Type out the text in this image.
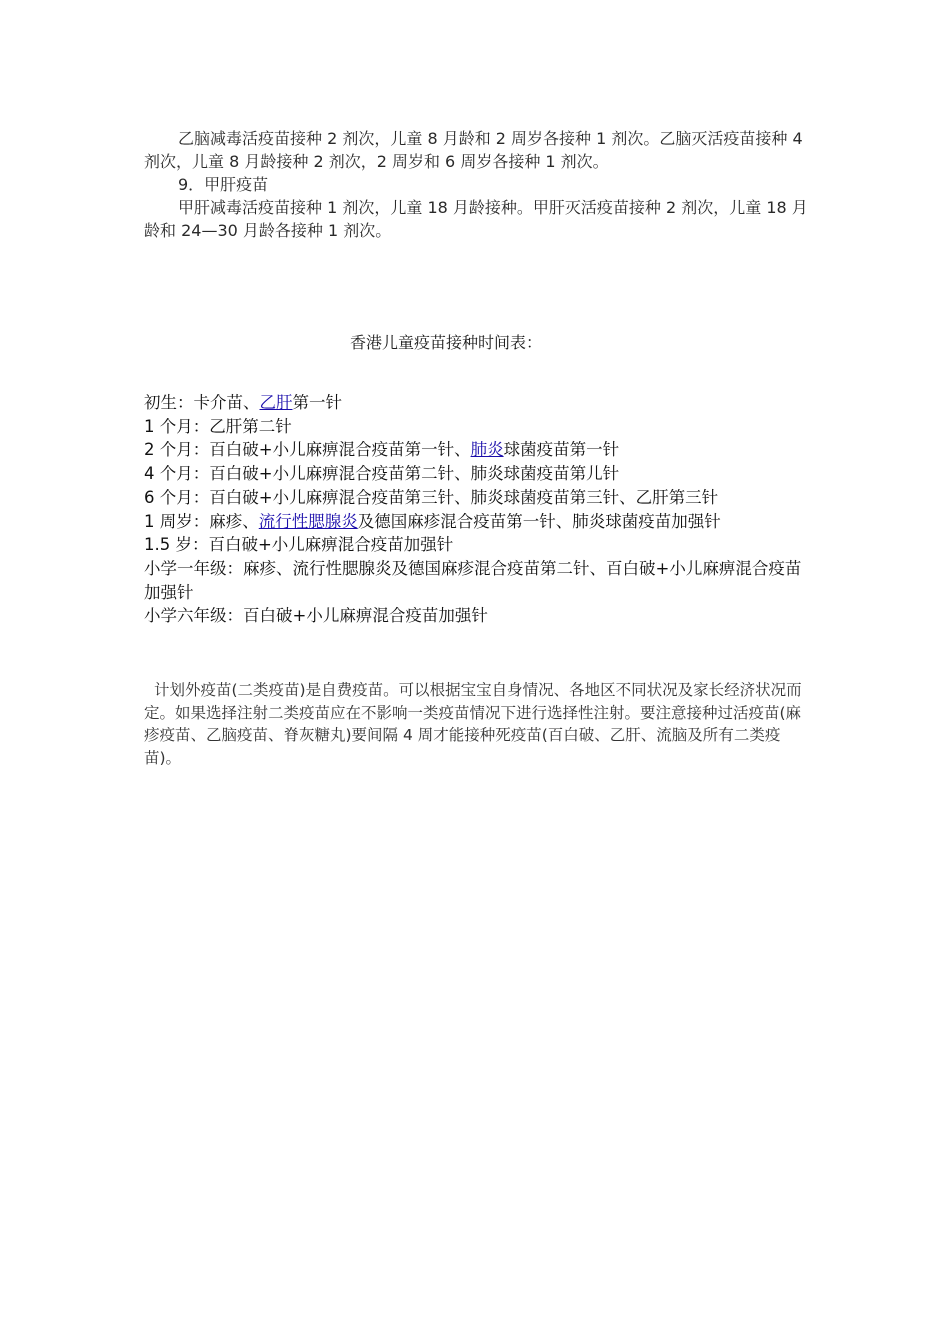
乙脑减毒活疫苗接种 2 剂次，儿童 8 月龄和 2 周岁各接种 1 剂次。乙脑灭活疫苗接种 4 剂次，儿童 8 月龄接种 2 剂次，2 周岁和 6 周岁各接种 1 剂次。

9．甲肝疫苗

甲肝减毒活疫苗接种 1 剂次，儿童 18 月龄接种。甲肝灭活疫苗接种 2 剂次，儿童 18 月龄和 24—30 月龄各接种 1 剂次。

香港儿童疫苗接种时间表：

初生：卡介苗、乙肝第一针

1 个月：乙肝第二针

2 个月：百白破+小儿麻痹混合疫苗第一针、肺炎球菌疫苗第一针

4 个月：百白破+小儿麻痹混合疫苗第二针、肺炎球菌疫苗第儿针

6 个月：百白破+小儿麻痹混合疫苗第三针、肺炎球菌疫苗第三针、乙肝第三针

1 周岁：麻疹、流行性腮腺炎及德国麻疹混合疫苗第一针、肺炎球菌疫苗加强针

1.5 岁：百白破+小儿麻痹混合疫苗加强针

小学一年级：麻疹、流行性腮腺炎及德国麻疹混合疫苗第二针、百白破+小儿麻痹混合疫苗加强针

小学六年级：百白破+小儿麻痹混合疫苗加强针

计划外疫苗(二类疫苗)是自费疫苗。可以根据宝宝自身情况、各地区不同状况及家长经济状况而定。如果选择注射二类疫苗应在不影响一类疫苗情况下进行选择性注射。要注意接种过活疫苗(麻疹疫苗、乙脑疫苗、脊灰糖丸)要间隔 4 周才能接种死疫苗(百白破、乙肝、流脑及所有二类疫苗)。
